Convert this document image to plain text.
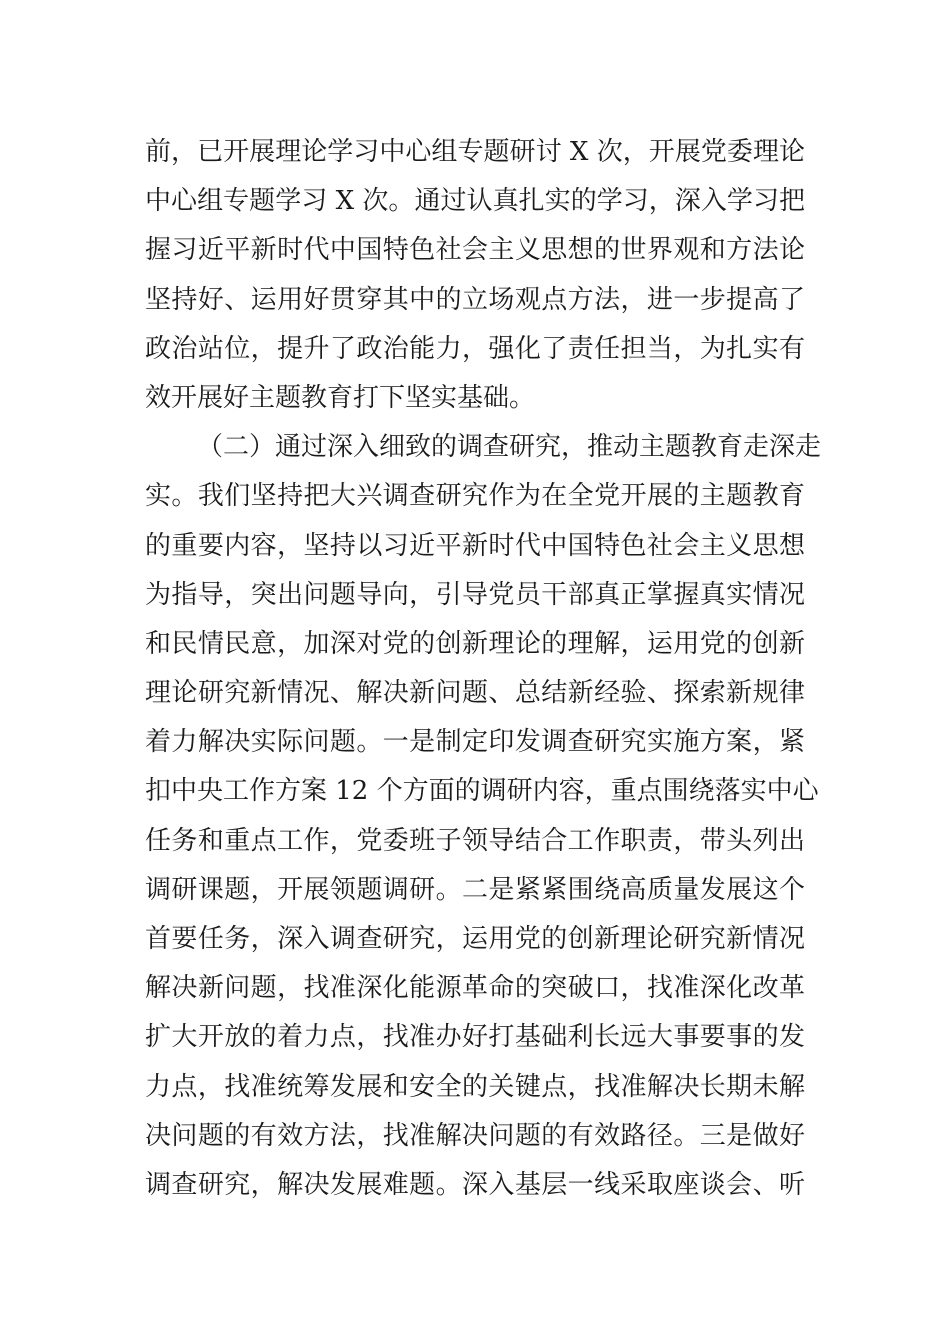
前，已开展理论学习中心组专题研讨 X 次，开展党委理论
中心组专题学习 X 次。通过认真扎实的学习，深入学习把
握习近平新时代中国特色社会主义思想的世界观和方法论
坚持好、运用好贯穿其中的立场观点方法，进一步提高了
政治站位，提升了政治能力，强化了责任担当，为扎实有
效开展好主题教育打下坚实基础。
（二）通过深入细致的调查研究，推动主题教育走深走
实。我们坚持把大兴调查研究作为在全党开展的主题教育
的重要内容，坚持以习近平新时代中国特色社会主义思想
为指导，突出问题导向，引导党员干部真正掌握真实情况
和民情民意，加深对党的创新理论的理解，运用党的创新
理论研究新情况、解决新问题、总结新经验、探索新规律
着力解决实际问题。一是制定印发调查研究实施方案，紧
扣中央工作方案 12 个方面的调研内容，重点围绕落实中心
任务和重点工作，党委班子领导结合工作职责，带头列出
调研课题，开展领题调研。二是紧紧围绕高质量发展这个
首要任务，深入调查研究，运用党的创新理论研究新情况
解决新问题，找准深化能源革命的突破口，找准深化改革
扩大开放的着力点，找准办好打基础利长远大事要事的发
力点，找准统筹发展和安全的关键点，找准解决长期未解
决问题的有效方法，找准解决问题的有效路径。三是做好
调查研究，解决发展难题。深入基层一线采取座谈会、听
